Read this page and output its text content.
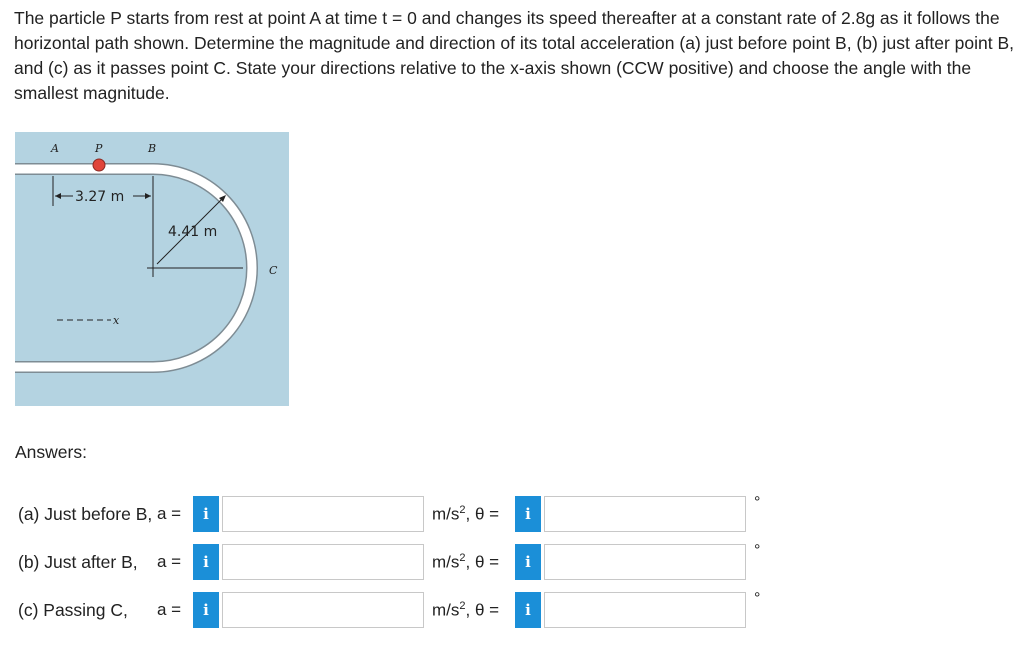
The particle P starts from rest at point A at time t = 0 and changes its speed thereafter at a constant rate of 2.8g as it follows the horizontal path shown. Determine the magnitude and direction of its total acceleration (a) just before point B, (b) just after point B, and (c) as it passes point C. State your directions relative to the x-axis shown (CCW positive) and choose the angle with the smallest magnitude.

A	P	B
C
3.27 m
4.41 m
x
Answers:
(a) Just before B, a =	i	$m/s^2$, θ =	i
°
(b) Just after B, a =	i	$m/s^2$, θ =	i
°
(c) Passing C, a =	i	$m/s^2$, θ =	i
°
